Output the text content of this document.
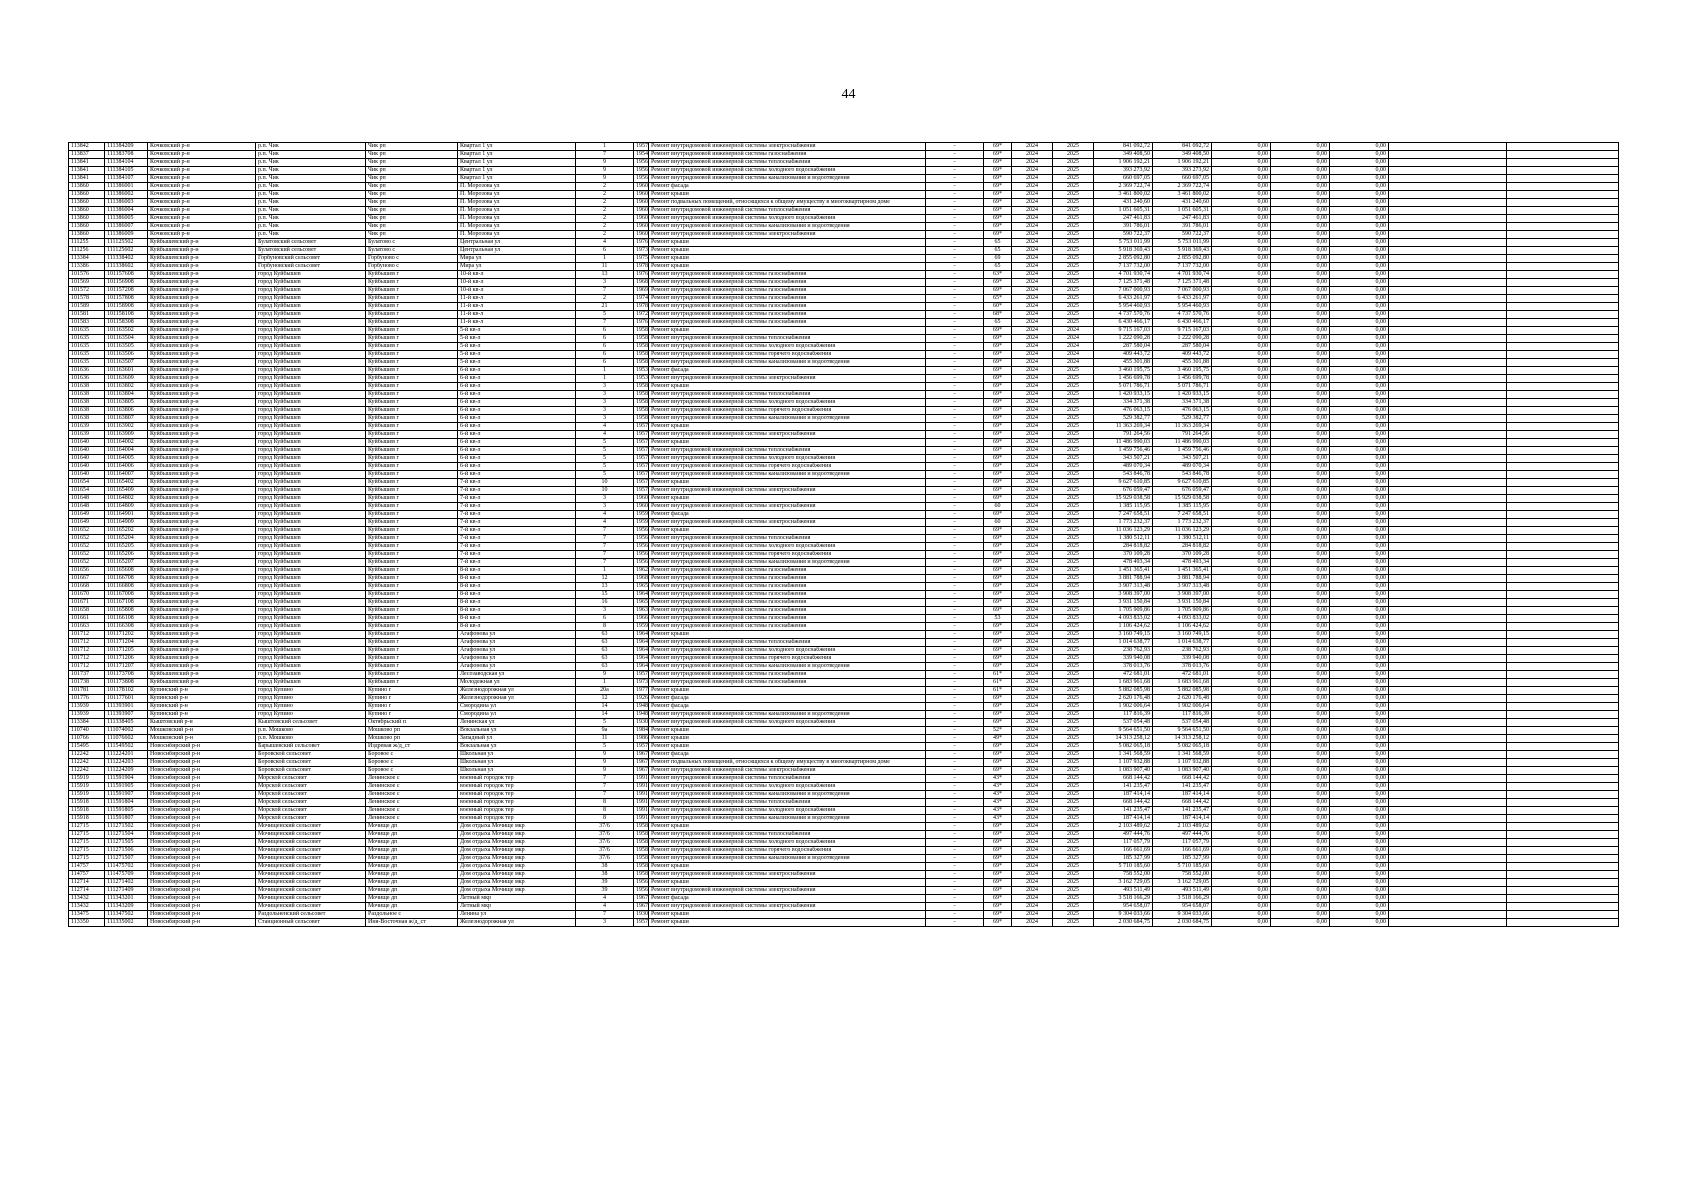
44
113842	111384209	Кочковский р-н	р.п. Чик	Чик рп	Квартал 1 ул	1	1957	Ремонт внутридомовой инженерной системы электроснабжения	-	69*	2024	2025	841 092,72	841 092,72	0,00	0,00	0,00		
113837	111383708	Кочковский р-н	р.п. Чик	Чик рп	Квартал 1 ул	7	1954	Ремонт внутридомовой инженерной системы газоснабжения	-	69*	2024	2025	349 408,50	349 408,50	0,00	0,00	0,00		
113841	111384104	Кочковский р-н	р.п. Чик	Чик рп	Квартал 1 ул	9	1956	Ремонт внутридомовой инженерной системы теплоснабжения	-	69*	2024	2025	1 906 192,21	1 906 192,21	0,00	0,00	0,00		
113841	111384105	Кочковский р-н	р.п. Чик	Чик рп	Квартал 1 ул	9	1956	Ремонт внутридомовой инженерной системы холодного водоснабжения	-	69*	2024	2025	393 273,92	393 273,92	0,00	0,00	0,00		
113841	111384107	Кочковский р-н	р.п. Чик	Чик рп	Квартал 1 ул	9	1956	Ремонт внутридомовой инженерной системы канализования и водоотведения	-	69*	2024	2025	660 697,05	660 697,05	0,00	0,00	0,00		
113860	111386001	Кочковский р-н	р.п. Чик	Чик рп	П. Морозова ул	2	1960	Ремонт фасада	-	69*	2024	2025	2 369 722,74	2 369 722,74	0,00	0,00	0,00		
113860	111386002	Кочковский р-н	р.п. Чик	Чик рп	П. Морозова ул	2	1960	Ремонт крыши	-	69*	2024	2025	3 461 800,02	3 461 800,02	0,00	0,00	0,00		
113860	111386003	Кочковский р-н	р.п. Чик	Чик рп	П. Морозова ул	2	1960	Ремонт подвальных помещений, относящихся к общему имуществу в многоквартирном доме	-	69*	2024	2025	431 240,60	431 240,60	0,00	0,00	0,00		
113860	111386004	Кочковский р-н	р.п. Чик	Чик рп	П. Морозова ул	2	1960	Ремонт внутридомовой инженерной системы теплоснабжения	-	69*	2024	2025	1 051 605,31	1 051 605,31	0,00	0,00	0,00		
113860	111386005	Кочковский р-н	р.п. Чик	Чик рп	П. Морозова ул	2	1960	Ремонт внутридомовой инженерной системы холодного водоснабжения	-	69*	2024	2025	247 461,83	247 461,83	0,00	0,00	0,00		
113860	111386007	Кочковский р-н	р.п. Чик	Чик рп	П. Морозова ул	2	1960	Ремонт внутридомовой инженерной системы канализования и водоотведения	-	69*	2024	2025	391 786,01	391 786,01	0,00	0,00	0,00		
113860	111386009	Кочковский р-н	р.п. Чик	Чик рп	П. Морозова ул	2	1960	Ремонт внутридомовой инженерной системы электроснабжения	-	69*	2024	2025	590 722,37	590 722,37	0,00	0,00	0,00		
111255	111125502	Куйбышевский р-н	Булатовский сельсовет	Булатово с	Центральная ул	4	1976	Ремонт крыши	-	65	2024	2025	5 753 011,99	5 753 011,99	0,00	0,00	0,00		
111256	111125602	Куйбышевский р-н	Булатовский сельсовет	Булатово с	Центральная ул	6	1973	Ремонт крыши	-	65	2024	2025	5 918 369,43	5 918 369,43	0,00	0,00	0,00		
113384	111338402	Куйбышевский р-н	Горбуновский сельсовет	Горбуново с	Мира ул	1	1975	Ремонт крыши	-	69	2024	2025	2 855 092,80	2 855 092,80	0,00	0,00	0,00		
113386	111338602	Куйбышевский р-н	Горбуновский сельсовет	Горбуново с	Мира ул	11	1978	Ремонт крыши	-	65	2024	2025	7 137 732,00	7 137 732,00	0,00	0,00	0,00		
101576	101157608	Куйбышевский р-н	город Куйбышев	Куйбышев г	10-й кв-л	13	1976	Ремонт внутридомовой инженерной системы газоснабжения	-	63*	2024	2025	4 701 930,74	4 701 930,74	0,00	0,00	0,00		
101569	101156908	Куйбышевский р-н	город Куйбышев	Куйбышев г	10-й кв-л	3	1968	Ремонт внутридомовой инженерной системы газоснабжения	-	69*	2024	2025	7 125 371,48	7 125 371,48	0,00	0,00	0,00		
101572	101157208	Куйбышевский р-н	город Куйбышев	Куйбышев г	10-й кв-л	7	1969	Ремонт внутридомовой инженерной системы газоснабжения	-	69*	2024	2025	7 067 000,93	7 067 000,93	0,00	0,00	0,00		
101578	101157808	Куйбышевский р-н	город Куйбышев	Куйбышев г	11-й кв-л	2	1974	Ремонт внутридомовой инженерной системы газоснабжения	-	65*	2024	2025	6 433 261,97	6 433 261,97	0,00	0,00	0,00		
101589	101158908	Куйбышевский р-н	город Куйбышев	Куйбышев г	11-й кв-л	21	1978	Ремонт внутридомовой инженерной системы газоснабжения	-	60*	2024	2025	5 954 460,93	5 954 460,93	0,00	0,00	0,00		
101581	101158108	Куйбышевский р-н	город Куйбышев	Куйбышев г	11-й кв-л	5	1972	Ремонт внутридомовой инженерной системы газоснабжения	-	68*	2024	2025	4 737 570,76	4 737 570,76	0,00	0,00	0,00		
101583	101158308	Куйбышевский р-н	город Куйбышев	Куйбышев г	11-й кв-л	7	1976	Ремонт внутридомовой инженерной системы газоснабжения	-	65	2024	2025	6 430 466,17	6 430 466,17	0,00	0,00	0,00		
101635	101163502	Куйбышевский р-н	город Куйбышев	Куйбышев г	5-й кв-л	6	1958	Ремонт крыши	-	69*	2024	2024	9 715 167,03	9 715 167,03	0,00	0,00	0,00		
101635	101163504	Куйбышевский р-н	город Куйбышев	Куйбышев г	5-й кв-л	6	1958	Ремонт внутридомовой инженерной системы теплоснабжения	-	69*	2024	2024	1 222 090,28	1 222 090,28	0,00	0,00	0,00		
101635	101163505	Куйбышевский р-н	город Куйбышев	Куйбышев г	5-й кв-л	6	1958	Ремонт внутридомовой инженерной системы холодного водоснабжения	-	69*	2024	2024	287 580,04	287 580,04	0,00	0,00	0,00		
101635	101163506	Куйбышевский р-н	город Куйбышев	Куйбышев г	5-й кв-л	6	1958	Ремонт внутридомовой инженерной системы горячего водоснабжения	-	69*	2024	2024	409 443,72	409 443,72	0,00	0,00	0,00		
101635	101163507	Куйбышевский р-н	город Куйбышев	Куйбышев г	5-й кв-л	6	1958	Ремонт внутридомовой инженерной системы канализования и водоотведения	-	69*	2024	2024	455 301,88	455 301,88	0,00	0,00	0,00		
101636	101163601	Куйбышевский р-н	город Куйбышев	Куйбышев г	6-й кв-л	1	1953	Ремонт фасада	-	69*	2024	2025	3 460 195,75	3 460 195,75	0,00	0,00	0,00		
101636	101163609	Куйбышевский р-н	город Куйбышев	Куйбышев г	6-й кв-л	1	1953	Ремонт внутридомовой инженерной системы электроснабжения	-	69*	2024	2025	1 456 699,78	1 456 699,78	0,00	0,00	0,00		
101638	101163802	Куйбышевский р-н	город Куйбышев	Куйбышев г	6-й кв-л	3	1958	Ремонт крыши	-	69*	2024	2025	5 071 786,71	5 071 786,71	0,00	0,00	0,00		
101638	101163804	Куйбышевский р-н	город Куйбышев	Куйбышев г	6-й кв-л	3	1958	Ремонт внутридомовой инженерной системы теплоснабжения	-	69*	2024	2025	1 420 933,15	1 420 933,15	0,00	0,00	0,00		
101638	101163805	Куйбышевский р-н	город Куйбышев	Куйбышев г	6-й кв-л	3	1958	Ремонт внутридомовой инженерной системы холодного водоснабжения	-	69*	2024	2025	334 371,38	334 371,38	0,00	0,00	0,00		
101638	101163806	Куйбышевский р-н	город Куйбышев	Куйбышев г	6-й кв-л	3	1958	Ремонт внутридомовой инженерной системы горячего водоснабжения	-	69*	2024	2025	476 063,15	476 063,15	0,00	0,00	0,00		
101638	101163807	Куйбышевский р-н	город Куйбышев	Куйбышев г	6-й кв-л	3	1958	Ремонт внутридомовой инженерной системы канализования и водоотведения	-	69*	2024	2025	529 382,77	529 382,77	0,00	0,00	0,00		
101639	101163902	Куйбышевский р-н	город Куйбышев	Куйбышев г	6-й кв-л	4	1957	Ремонт крыши	-	69*	2024	2025	11 363 269,34	11 363 269,34	0,00	0,00	0,00		
101639	101163909	Куйбышевский р-н	город Куйбышев	Куйбышев г	6-й кв-л	4	1957	Ремонт внутридомовой инженерной системы электроснабжения	-	69*	2024	2025	791 264,56	791 264,56	0,00	0,00	0,00		
101640	101164002	Куйбышевский р-н	город Куйбышев	Куйбышев г	6-й кв-л	5	1957	Ремонт крыши	-	69*	2024	2025	11 486 990,03	11 486 990,03	0,00	0,00	0,00		
101640	101164004	Куйбышевский р-н	город Куйбышев	Куйбышев г	6-й кв-л	5	1957	Ремонт внутридомовой инженерной системы теплоснабжения	-	69*	2024	2025	1 459 756,46	1 459 756,46	0,00	0,00	0,00		
101640	101164005	Куйбышевский р-н	город Куйбышев	Куйбышев г	6-й кв-л	5	1957	Ремонт внутридомовой инженерной системы холодного водоснабжения	-	69*	2024	2025	343 507,21	343 507,21	0,00	0,00	0,00		
101640	101164006	Куйбышевский р-н	город Куйбышев	Куйбышев г	6-й кв-л	5	1957	Ремонт внутридомовой инженерной системы горячего водоснабжения	-	69*	2024	2025	489 070,34	489 070,34	0,00	0,00	0,00		
101640	101164007	Куйбышевский р-н	город Куйбышев	Куйбышев г	6-й кв-л	5	1957	Ремонт внутридомовой инженерной системы канализования и водоотведения	-	69*	2024	2025	543 846,78	543 846,78	0,00	0,00	0,00		
101654	101165402	Куйбышевский р-н	город Куйбышев	Куйбышев г	7-й кв-л	10	1957	Ремонт крыши	-	69*	2024	2025	9 627 610,85	9 627 610,85	0,00	0,00	0,00		
101654	101165409	Куйбышевский р-н	город Куйбышев	Куйбышев г	7-й кв-л	10	1957	Ремонт внутридомовой инженерной системы электроснабжения	-	69*	2024	2025	676 059,47	676 059,47	0,00	0,00	0,00		
101648	101164802	Куйбышевский р-н	город Куйбышев	Куйбышев г	7-й кв-л	3	1960	Ремонт крыши	-	69*	2024	2025	15 929 038,58	15 929 038,58	0,00	0,00	0,00		
101648	101164809	Куйбышевский р-н	город Куйбышев	Куйбышев г	7-й кв-л	3	1960	Ремонт внутридомовой инженерной системы электроснабжения	-	60	2024	2025	1 385 115,95	1 385 115,95	0,00	0,00	0,00		
101649	101164901	Куйбышевский р-н	город Куйбышев	Куйбышев г	7-й кв-л	4	1959	Ремонт фасада	-	69*	2024	2025	7 247 658,51	7 247 658,51	0,00	0,00	0,00		
101649	101164909	Куйбышевский р-н	город Куйбышев	Куйбышев г	7-й кв-л	4	1959	Ремонт внутридомовой инженерной системы электроснабжения	-	60	2024	2025	1 773 232,37	1 773 232,37	0,00	0,00	0,00		
101652	101165202	Куйбышевский р-н	город Куйбышев	Куйбышев г	7-й кв-л	7	1956	Ремонт крыши	-	69*	2024	2025	11 036 123,29	11 036 123,29	0,00	0,00	0,00		
101652	101165204	Куйбышевский р-н	город Куйбышев	Куйбышев г	7-й кв-л	7	1956	Ремонт внутридомовой инженерной системы теплоснабжения	-	69*	2024	2025	1 380 512,11	1 380 512,11	0,00	0,00	0,00		
101652	101165205	Куйбышевский р-н	город Куйбышев	Куйбышев г	7-й кв-л	7	1956	Ремонт внутридомовой инженерной системы холодного водоснабжения	-	69*	2024	2025	284 818,82	284 818,82	0,00	0,00	0,00		
101652	101165206	Куйбышевский р-н	город Куйбышев	Куйбышев г	7-й кв-л	7	1956	Ремонт внутридомовой инженерной системы горячего водоснабжения	-	69*	2024	2025	370 109,28	370 109,28	0,00	0,00	0,00		
101652	101165207	Куйбышевский р-н	город Куйбышев	Куйбышев г	7-й кв-л	7	1956	Ремонт внутридомовой инженерной системы канализования и водоотведения	-	69*	2024	2025	478 493,34	478 493,34	0,00	0,00	0,00		
101656	101165608	Куйбышевский р-н	город Куйбышев	Куйбышев г	8-й кв-л	1	1962	Ремонт внутридомовой инженерной системы газоснабжения	-	69*	2024	2025	1 451 365,41	1 451 365,41	0,00	0,00	0,00		
101667	101166708	Куйбышевский р-н	город Куйбышев	Куйбышев г	8-й кв-л	12	1968	Ремонт внутридомовой инженерной системы газоснабжения	-	69*	2024	2025	3 881 788,94	3 881 788,94	0,00	0,00	0,00		
101668	101166808	Куйбышевский р-н	город Куйбышев	Куйбышев г	8-й кв-л	13	1965	Ремонт внутридомовой инженерной системы газоснабжения	-	69*	2024	2025	3 907 313,48	3 907 313,48	0,00	0,00	0,00		
101670	101167008	Куйбышевский р-н	город Куйбышев	Куйбышев г	8-й кв-л	15	1964	Ремонт внутридомовой инженерной системы газоснабжения	-	69*	2024	2025	3 908 397,00	3 908 397,00	0,00	0,00	0,00		
101671	101167108	Куйбышевский р-н	город Куйбышев	Куйбышев г	8-й кв-л	16	1965	Ремонт внутридомовой инженерной системы газоснабжения	-	69*	2024	2025	3 931 150,84	3 931 150,84	0,00	0,00	0,00		
101658	101165808	Куйбышевский р-н	город Куйбышев	Куйбышев г	8-й кв-л	3	1963	Ремонт внутридомовой инженерной системы газоснабжения	-	69*	2024	2025	1 705 909,86	1 705 909,86	0,00	0,00	0,00		
101661	101166108	Куйбышевский р-н	город Куйбышев	Куйбышев г	8-й кв-л	6	1966	Ремонт внутридомовой инженерной системы газоснабжения	-	53	2024	2025	4 093 833,02	4 093 833,02	0,00	0,00	0,00		
101663	101166308	Куйбышевский р-н	город Куйбышев	Куйбышев г	8-й кв-л	8	1959	Ремонт внутридомовой инженерной системы газоснабжения	-	69*	2024	2025	1 106 424,62	1 106 424,62	0,00	0,00	0,00		
101712	101171202	Куйбышевский р-н	город Куйбышев	Куйбышев г	Агафонова ул	63	1964	Ремонт крыши	-	69*	2024	2025	3 160 749,15	3 160 749,15	0,00	0,00	0,00		
101712	101171204	Куйбышевский р-н	город Куйбышев	Куйбышев г	Агафонова ул	63	1964	Ремонт внутридомовой инженерной системы теплоснабжения	-	69*	2024	2025	1 014 638,77	1 014 638,77	0,00	0,00	0,00		
101712	101171205	Куйбышевский р-н	город Куйбышев	Куйбышев г	Агафонова ул	63	1964	Ремонт внутридомовой инженерной системы холодного водоснабжения	-	69*	2024	2025	238 762,93	238 762,93	0,00	0,00	0,00		
101712	101171206	Куйбышевский р-н	город Куйбышев	Куйбышев г	Агафонова ул	63	1964	Ремонт внутридомовой инженерной системы горячего водоснабжения	-	69*	2024	2025	339 940,08	339 940,08	0,00	0,00	0,00		
101712	101171207	Куйбышевский р-н	город Куйбышев	Куйбышев г	Агафонова ул	63	1964	Ремонт внутридомовой инженерной системы канализования и водоотведения	-	69*	2024	2025	378 013,76	378 013,76	0,00	0,00	0,00		
101737	101173708	Куйбышевский р-н	город Куйбышев	Куйбышев г	Лесозаводская ул	9	1957	Ремонт внутридомовой инженерной системы газоснабжения	-	61*	2024	2025	472 681,01	472 681,01	0,00	0,00	0,00		
101738	101173808	Куйбышевский р-н	город Куйбышев	Куйбышев г	Молодежная ул	1	1973	Ремонт внутридомовой инженерной системы газоснабжения	-	61*	2024	2025	1 683 961,68	1 683 961,68	0,00	0,00	0,00		
101781	101178102	Купинский р-н	город Купино	Купино г	Железнодорожная ул	20а	1977	Ремонт крыши	-	61*	2024	2025	5 882 085,98	5 882 085,98	0,00	0,00	0,00		
101776	101177601	Купинский р-н	город Купино	Купино г	Железнодорожная ул	12	1926	Ремонт фасада	-	69*	2024	2025	2 620 176,48	2 620 176,48	0,00	0,00	0,00		
113939	111393901	Купинский р-н	город Купино	Купино г	Смородина ул	14	1948	Ремонт фасада	-	69*	2024	2025	1 902 006,64	1 902 006,64	0,00	0,00	0,00		
113939	111393907	Купинский р-н	город Купино	Купино г	Смородина ул	14	1948	Ремонт внутридомовой инженерной системы канализования и водоотведения	-	69*	2024	2025	117 816,39	117 816,39	0,00	0,00	0,00		
113384	111338405	Кыштовский р-н	Кыштовский сельсовет	Октябрьский п	Ленинская ул	5	1930	Ремонт внутридомовой инженерной системы холодного водоснабжения	-	69*	2024	2025	537 054,48	537 054,48	0,00	0,00	0,00		
110740	111074002	Мошковский р-н	р.п. Мошково	Мошково рп	Вокзальная ул	9а	1984	Ремонт крыши	-	52*	2024	2025	9 564 651,50	9 564 651,50	0,00	0,00	0,00		
110766	111076602	Мошковский р-н	р.п. Мошково	Мошково рп	Западный ул	11	1986	Ремонт крыши	-	49*	2024	2025	14 313 258,12	14 313 258,12	0,00	0,00	0,00		
115495	111549502	Новосибирский р-н	Барышевский сельсовет	Издревая ж/д_ст	Вокзальная ул	5	1957	Ремонт крыши	-	69*	2024	2025	5 082 065,18	5 082 065,18	0,00	0,00	0,00		
112242	111224201	Новосибирский р-н	Боровской сельсовет	Боровое с	Школьная ул	9	1967	Ремонт фасада	-	69*	2024	2025	1 341 568,59	1 341 568,59	0,00	0,00	0,00		
112242	111224203	Новосибирский р-н	Боровской сельсовет	Боровое с	Школьная ул	9	1967	Ремонт подвальных помещений, относящихся к общему имуществу в многоквартирном доме	-	69*	2024	2025	1 107 932,88	1 107 932,88	0,00	0,00	0,00		
112242	111224209	Новосибирский р-н	Боровской сельсовет	Боровое с	Школьная ул	9	1967	Ремонт внутридомовой инженерной системы электроснабжения	-	69*	2024	2025	1 083 907,40	1 083 907,40	0,00	0,00	0,00		
115919	111591904	Новосибирский р-н	Морской сельсовет	Ленинское с	военный городок тер	7	1991	Ремонт внутридомовой инженерной системы теплоснабжения	-	43*	2024	2025	668 144,42	668 144,42	0,00	0,00	0,00		
115919	111591905	Новосибирский р-н	Морской сельсовет	Ленинское с	военный городок тер	7	1991	Ремонт внутридомовой инженерной системы холодного водоснабжения	-	43*	2024	2025	141 235,47	141 235,47	0,00	0,00	0,00		
115919	111591907	Новосибирский р-н	Морской сельсовет	Ленинское с	военный городок тер	7	1991	Ремонт внутридомовой инженерной системы канализования и водоотведения	-	43*	2024	2025	187 414,14	187 414,14	0,00	0,00	0,00		
115918	111591804	Новосибирский р-н	Морской сельсовет	Ленинское с	военный городок тер	8	1991	Ремонт внутридомовой инженерной системы теплоснабжения	-	43*	2024	2025	668 144,42	668 144,42	0,00	0,00	0,00		
115918	111591805	Новосибирский р-н	Морской сельсовет	Ленинское с	военный городок тер	8	1991	Ремонт внутридомовой инженерной системы холодного водоснабжения	-	43*	2024	2025	141 235,47	141 235,47	0,00	0,00	0,00		
115918	111591807	Новосибирский р-н	Морской сельсовет	Ленинское с	военный городок тер	8	1991	Ремонт внутридомовой инженерной системы канализования и водоотведения	-	43*	2024	2025	187 414,14	187 414,14	0,00	0,00	0,00		
112715	111271502	Новосибирский р-н	Мочищенский сельсовет	Мочище дп	Дом отдыха Мочище мкр	37/6	1958	Ремонт крыши	-	69*	2024	2025	2 103 489,62	2 103 489,62	0,00	0,00	0,00		
112715	111271504	Новосибирский р-н	Мочищенский сельсовет	Мочище дп	Дом отдыха Мочище мкр	37/6	1958	Ремонт внутридомовой инженерной системы теплоснабжения	-	69*	2024	2025	497 444,76	497 444,76	0,00	0,00	0,00		
112715	111271505	Новосибирский р-н	Мочищенский сельсовет	Мочище дп	Дом отдыха Мочище мкр	37/6	1958	Ремонт внутридомовой инженерной системы холодного водоснабжения	-	69*	2024	2025	117 057,79	117 057,79	0,00	0,00	0,00		
112715	111271506	Новосибирский р-н	Мочищенский сельсовет	Мочище дп	Дом отдыха Мочище мкр	37/6	1958	Ремонт внутридомовой инженерной системы горячего водоснабжения	-	69*	2024	2025	166 661,69	166 661,69	0,00	0,00	0,00		
112715	111271507	Новосибирский р-н	Мочищенский сельсовет	Мочище дп	Дом отдыха Мочище мкр	37/6	1958	Ремонт внутридомовой инженерной системы канализования и водоотведения	-	69*	2024	2025	185 327,99	185 327,99	0,00	0,00	0,00		
114757	111475702	Новосибирский р-н	Мочищенский сельсовет	Мочище дп	Дом отдыха Мочище мкр	38	1958	Ремонт крыши	-	69*	2024	2025	5 710 185,60	5 710 185,60	0,00	0,00	0,00		
114757	111475709	Новосибирский р-н	Мочищенский сельсовет	Мочище дп	Дом отдыха Мочище мкр	38	1958	Ремонт внутридомовой инженерной системы электроснабжения	-	69*	2024	2025	758 552,00	758 552,00	0,00	0,00	0,00		
112714	111271402	Новосибирский р-н	Мочищенский сельсовет	Мочище дп	Дом отдыха Мочище мкр	39	1956	Ремонт крыши	-	69*	2024	2025	3 162 729,05	3 162 729,05	0,00	0,00	0,00		
112714	111271409	Новосибирский р-н	Мочищенский сельсовет	Мочище дп	Дом отдыха Мочище мкр	39	1956	Ремонт внутридомовой инженерной системы электроснабжения	-	69*	2024	2025	493 511,49	493 511,49	0,00	0,00	0,00		
113432	111343201	Новосибирский р-н	Мочищенский сельсовет	Мочище дп	Летный мкр	4	1967	Ремонт фасада	-	69*	2024	2025	3 518 166,29	3 518 166,29	0,00	0,00	0,00		
113432	111343209	Новосибирский р-н	Мочищенский сельсовет	Мочище дп	Летный мкр	4	1967	Ремонт внутридомовой инженерной системы электроснабжения	-	69*	2024	2025	954 658,07	954 658,07	0,00	0,00	0,00		
113475	111347502	Новосибирский р-н	Раздольненский сельсовет	Раздольное с	Ленина ул	7	1930	Ремонт крыши	-	69*	2024	2025	9 304 033,66	9 304 033,66	0,00	0,00	0,00		
113350	111335002	Новосибирский р-н	Станционный сельсовет	Иня-Восточная ж/д_ст	Железнодорожная ул	3	1957	Ремонт крыши	-	69*	2024	2025	2 030 684,75	2 030 684,75	0,00	0,00	0,00		
